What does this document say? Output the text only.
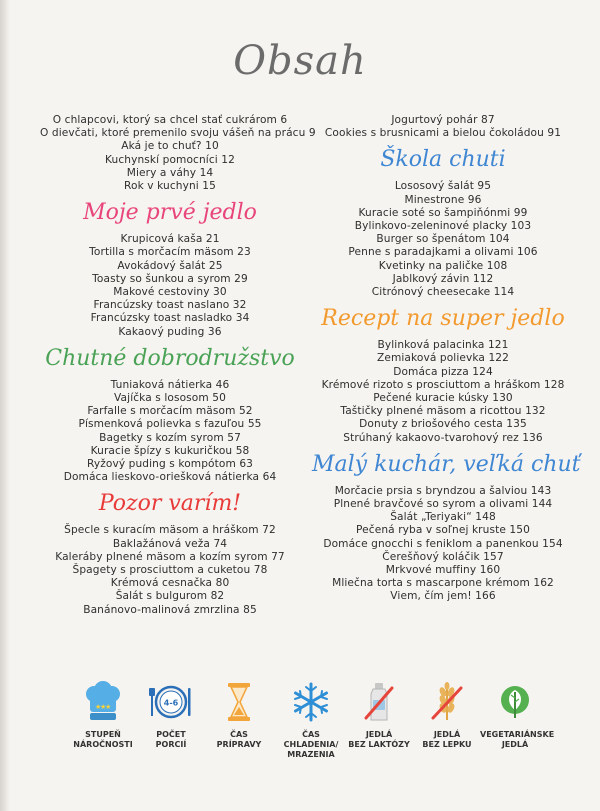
Obsah
O chlapcovi, ktorý sa chcel stať cukrárom 6
O dievčati, ktoré premenilo svoju vášeň na prácu 9
Aká je to chuť? 10
Kuchynskí pomocníci 12
Miery a váhy 14
Rok v kuchyni 15
Moje prvé jedlo
Krupicová kaša 21
Tortilla s morčacím mäsom 23
Avokádový šalát 25
Toasty so šunkou a syrom 29
Makové cestoviny 30
Francúzsky toast naslano 32
Francúzsky toast nasladko 34
Kakaový puding 36
Chutné dobrodružstvo
Tuniaková nátierka 46
Vajíčka s lososom 50
Farfalle s morčacím mäsom 52
Písmenková polievka s fazuľou 55
Bagetky s kozím syrom 57
Kuracie špízy s kukuričkou 58
Ryžový puding s kompótom 63
Domáca lieskovo-oriešková nátierka 64
Pozor varím!
Špecle s kuracím mäsom a hráškom 72
Baklažánová veža 74
Kaleráby plnené mäsom a kozím syrom 77
Špagety s prosciuttom a cuketou 78
Krémová cesnačka 80
Šalát s bulgurom 82
Banánovo-malinová zmrzlina 85
Jogurtový pohár 87
Cookies s brusnicami a bielou čokoládou 91
Škola chuti
Lososový šalát 95
Minestrone 96
Kuracie soté so šampiňónmi 99
Bylinkovo-zeleninové placky 103
Burger so špenátom 104
Penne s paradajkami a olivami 106
Kvetinky na paličke 108
Jablkový závin 112
Citrónový cheesecake 114
Recept na super jedlo
Bylinková palacinka 121
Zemiaková polievka 122
Domáca pizza 124
Krémové rizoto s prosciuttom a hráškom 128
Pečené kuracie kúsky 130
Taštičky plnené mäsom a ricottou 132
Donuty z briošového cesta 135
Strúhaný kakaovo-tvarohový rez 136
Malý kuchár, veľká chuť
Morčacie prsia s bryndzou a šalviou 143
Plnené bravčové so syrom a olivami 144
Šalát „Teriyaki“ 148
Pečená ryba v soľnej kruste 150
Domáce gnocchi s feniklom a panenkou 154
Čerešňový koláčik 157
Mrkvové muffiny 160
Mliečna torta s mascarpone krémom 162
Viem, čím jem! 166
★
★
★
STUPEŇ
NÁROČNOSTI
4-6
POČET
PORCIÍ
ČAS
PRÍPRAVY
ČAS CHLADENIA/
MRAZENIA
JEDLÁ
BEZ LAKTÓZY
JEDLÁ
BEZ LEPKU
VEGETARIÁNSKE
JEDLÁ
